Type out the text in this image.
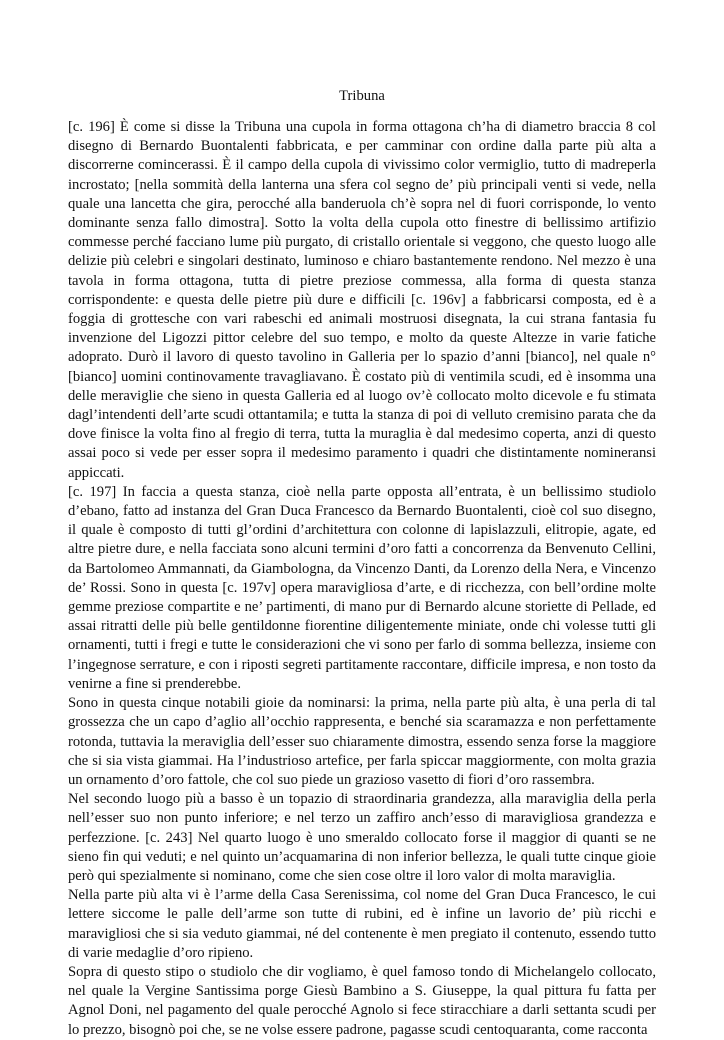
Tribuna

[c. 196] È come si disse la Tribuna una cupola in forma ottagona ch’ha di diametro braccia 8 col disegno di Bernardo Buontalenti fabbricata, e per camminar con ordine dalla parte più alta a discorrerne comincerassi. È il campo della cupola di vivissimo color vermiglio, tutto di madreperla incrostato; [nella sommità della lanterna una sfera col segno de’ più principali venti si vede, nella quale una lancetta che gira, perocché alla banderuola ch’è sopra nel di fuori corrisponde, lo vento dominante senza fallo dimostra]. Sotto la volta della cupola otto finestre di bellissimo artifizio commesse perché facciano lume più purgato, di cristallo orientale si veggono, che questo luogo alle delizie più celebri e singolari destinato, luminoso e chiaro bastantemente rendono. Nel mezzo è una tavola in forma ottagona, tutta di pietre preziose commessa, alla forma di questa stanza corrispondente: e questa delle pietre più dure e difficili [c. 196v] a fabbricarsi composta, ed è a foggia di grottesche con vari rabeschi ed animali mostruosi disegnata, la cui strana fantasia fu invenzione del Ligozzi pittor celebre del suo tempo, e molto da queste Altezze in varie fatiche adoprato. Durò il lavoro di questo tavolino in Galleria per lo spazio d’anni [bianco], nel quale n° [bianco] uomini continovamente travagliavano. È costato più di ventimila scudi, ed è insomma una delle meraviglie che sieno in questa Galleria ed al luogo ov’è collocato molto dicevole e fu stimata dagl’intendenti dell’arte scudi ottantamila; e tutta la stanza di poi di velluto cremisino parata che da dove finisce la volta fino al fregio di terra, tutta la muraglia è dal medesimo coperta, anzi di questo assai poco si vede per esser sopra il medesimo paramento i quadri che distintamente nomineransi appiccati.

[c. 197] In faccia a questa stanza, cioè nella parte opposta all’entrata, è un bellissimo studiolo d’ebano, fatto ad instanza del Gran Duca Francesco da Bernardo Buontalenti, cioè col suo disegno, il quale è composto di tutti gl’ordini d’architettura con colonne di lapislazzuli, elitropie, agate, ed altre pietre dure, e nella facciata sono alcuni termini d’oro fatti a concorrenza da Benvenuto Cellini, da Bartolomeo Ammannati, da Giambologna, da Vincenzo Danti, da Lorenzo della Nera, e Vincenzo de’ Rossi. Sono in questa [c. 197v] opera maravigliosa d’arte, e di ricchezza, con bell’ordine molte gemme preziose compartite e ne’ partimenti, di mano pur di Bernardo alcune storiette di Pellade, ed assai ritratti delle più belle gentildonne fiorentine diligentemente miniate, onde chi volesse tutti gli ornamenti, tutti i fregi e tutte le considerazioni che vi sono per farlo di somma bellezza, insieme con l’ingegnose serrature, e con i riposti segreti partitamente raccontare, difficile impresa, e non tosto da venirne a fine si prenderebbe.

Sono in questa cinque notabili gioie da nominarsi: la prima, nella parte più alta, è una perla di tal grossezza che un capo d’aglio all’occhio rappresenta, e benché sia scaramazza e non perfettamente rotonda, tuttavia la meraviglia dell’esser suo chiaramente dimostra, essendo senza forse la maggiore che si sia vista giammai. Ha l’industrioso artefice, per farla spiccar maggiormente, con molta grazia un ornamento d’oro fattole, che col suo piede un grazioso vasetto di fiori d’oro rassembra.

Nel secondo luogo più a basso è un topazio di straordinaria grandezza, alla maraviglia della perla nell’esser suo non punto inferiore; e nel terzo un zaffiro anch’esso di maravigliosa grandezza e perfezzione. [c. 243] Nel quarto luogo è uno smeraldo collocato forse il maggior di quanti se ne sieno fin qui veduti; e nel quinto un’acquamarina di non inferior bellezza, le quali tutte cinque gioie però qui spezialmente si nominano, come che sien cose oltre il loro valor di molta maraviglia.

Nella parte più alta vi è l’arme della Casa Serenissima, col nome del Gran Duca Francesco, le cui lettere siccome le palle dell’arme son tutte di rubini, ed è infine un lavorio de’ più ricchi e maravigliosi che si sia veduto giammai, né del contenente è men pregiato il contenuto, essendo tutto di varie medaglie d’oro ripieno.

Sopra di questo stipo o studiolo che dir vogliamo, è quel famoso tondo di Michelangelo collocato, nel quale la Vergine Santissima porge Giesù Bambino a S. Giuseppe, la qual pittura fu fatta per Agnol Doni, nel pagamento del quale perocché Agnolo si fece stiracchiare a darli settanta scudi per lo prezzo, bisognò poi che, se ne volse essere padrone, pagasse scudi centoquaranta, come racconta
